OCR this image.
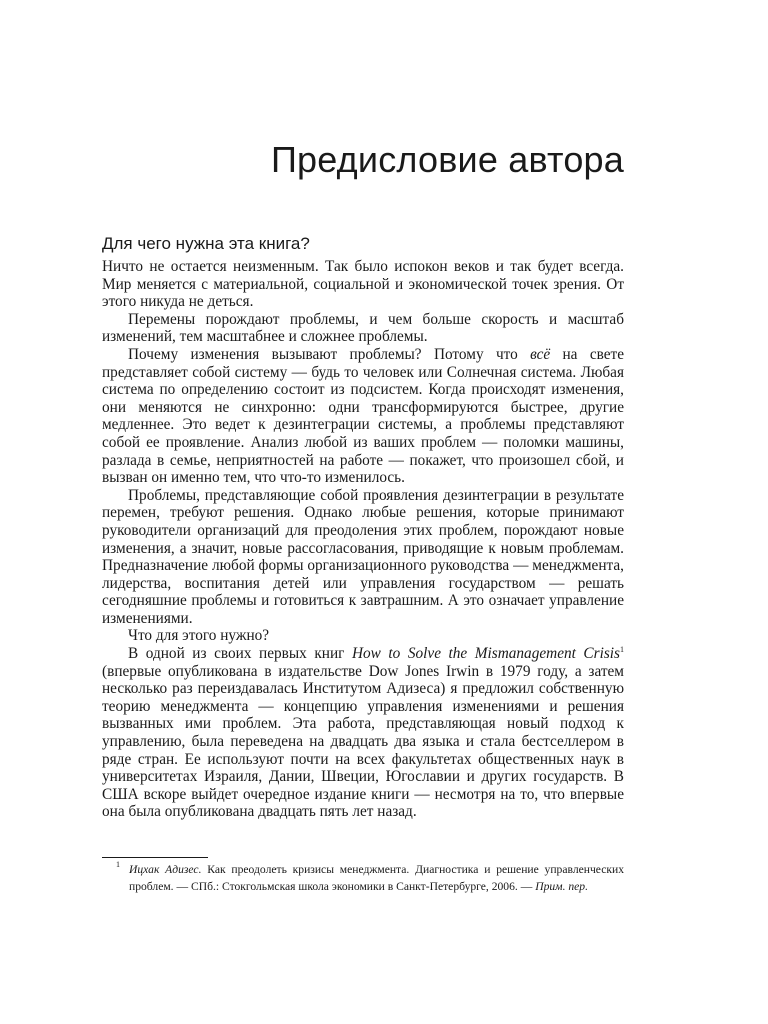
Предисловие автора
Для чего нужна эта книга?

Ничто не остается неизменным. Так было испокон веков и так будет всегда. Мир меняется с материальной, социальной и экономической точек зрения. От этого никуда не деться.

Перемены порождают проблемы, и чем больше скорость и масштаб изменений, тем масштабнее и сложнее проблемы.

Почему изменения вызывают проблемы? Потому что всё на свете представляет собой систему — будь то человек или Солнечная система. Любая система по определению состоит из подсистем. Когда происходят изменения, они меняются не синхронно: одни трансформируются быстрее, другие медленнее. Это ведет к дезинтеграции системы, а проблемы представляют собой ее проявление. Анализ любой из ваших проблем — поломки машины, разлада в семье, неприятностей на работе — покажет, что произошел сбой, и вызван он именно тем, что что-то изменилось.

Проблемы, представляющие собой проявления дезинтеграции в результате перемен, требуют решения. Однако любые решения, которые принимают руководители организаций для преодоления этих проблем, порождают новые изменения, а значит, новые рассогласования, приводящие к новым проблемам. Предназначение любой формы организационного руководства — менеджмента, лидерства, воспитания детей или управления государством — решать сегодняшние проблемы и готовиться к завтрашним. А это означает управление изменениями.

Что для этого нужно?

В одной из своих первых книг How to Solve the Mismanagement Crisis$^1$ (впервые опубликована в издательстве Dow Jones Irwin в 1979 году, а затем несколько раз переиздавалась Институтом Адизеса) я предложил собственную теорию менеджмента — концепцию управления изменениями и решения вызванных ими проблем. Эта работа, представляющая новый подход к управлению, была переведена на двадцать два языка и стала бестселлером в ряде стран. Ее используют почти на всех факультетах общественных наук в университетах Израиля, Дании, Швеции, Югославии и других государств. В США вскоре выйдет очередное издание книги — несмотря на то, что впервые она была опубликована двадцать пять лет назад.

1 Ицхак Адизес. Как преодолеть кризисы менеджмента. Диагностика и решение управленческих проблем. — СПб.: Стокгольмская школа экономики в Санкт-Петербурге, 2006. — Прим. пер.
